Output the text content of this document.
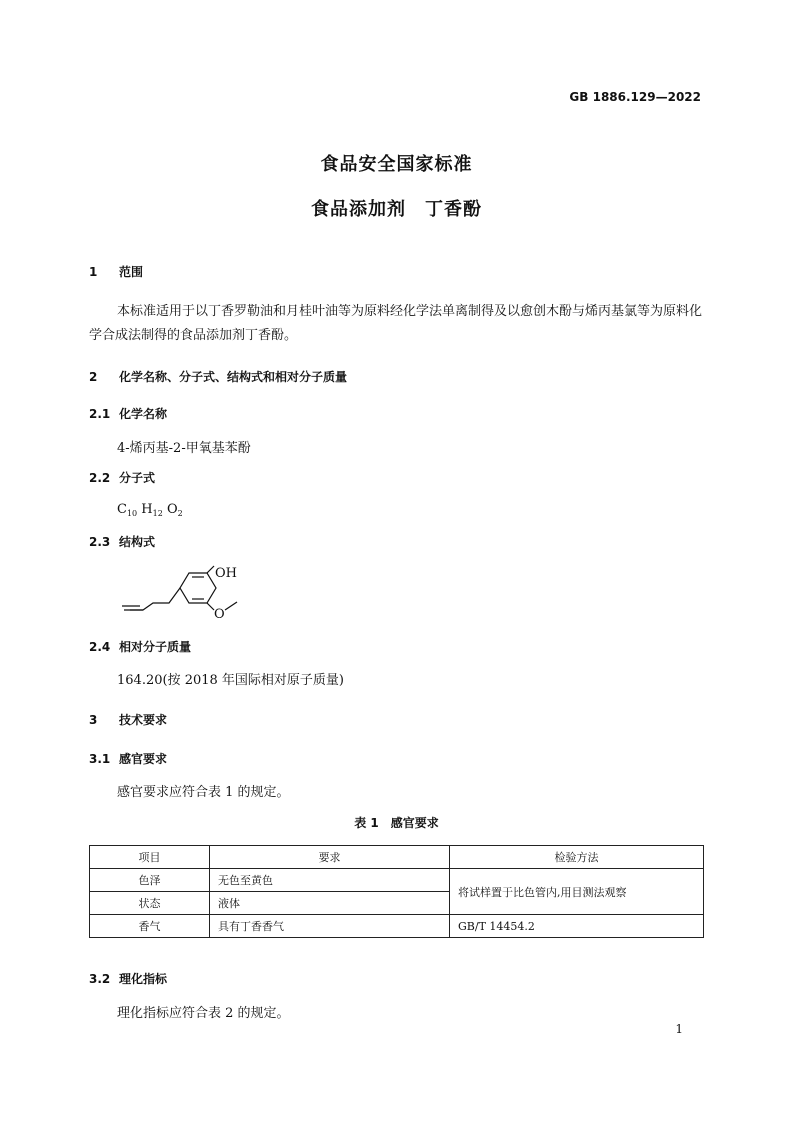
GB 1886.129—2022
食品安全国家标准
食品添加剂　丁香酚
1 范围
本标准适用于以丁香罗勒油和月桂叶油等为原料经化学法单离制得及以愈创木酚与烯丙基氯等为原料化学合成法制得的食品添加剂丁香酚。
2 化学名称、分子式、结构式和相对分子质量
2.1 化学名称
4-烯丙基-2-甲氧基苯酚
2.2 分子式
$C_{10}$ $H_{12}$ $O_2$
2.3 结构式
OH
O
2.4 相对分子质量
164.20(按 2018 年国际相对原子质量)
3 技术要求
3.1 感官要求
感官要求应符合表 1 的规定。
表 1　感官要求
项目	要求	检验方法
色泽	无色至黄色	将试样置于比色管内,用目测法观察
状态	液体	
香气	具有丁香香气	GB/T 14454.2
3.2 理化指标
理化指标应符合表 2 的规定。
1
